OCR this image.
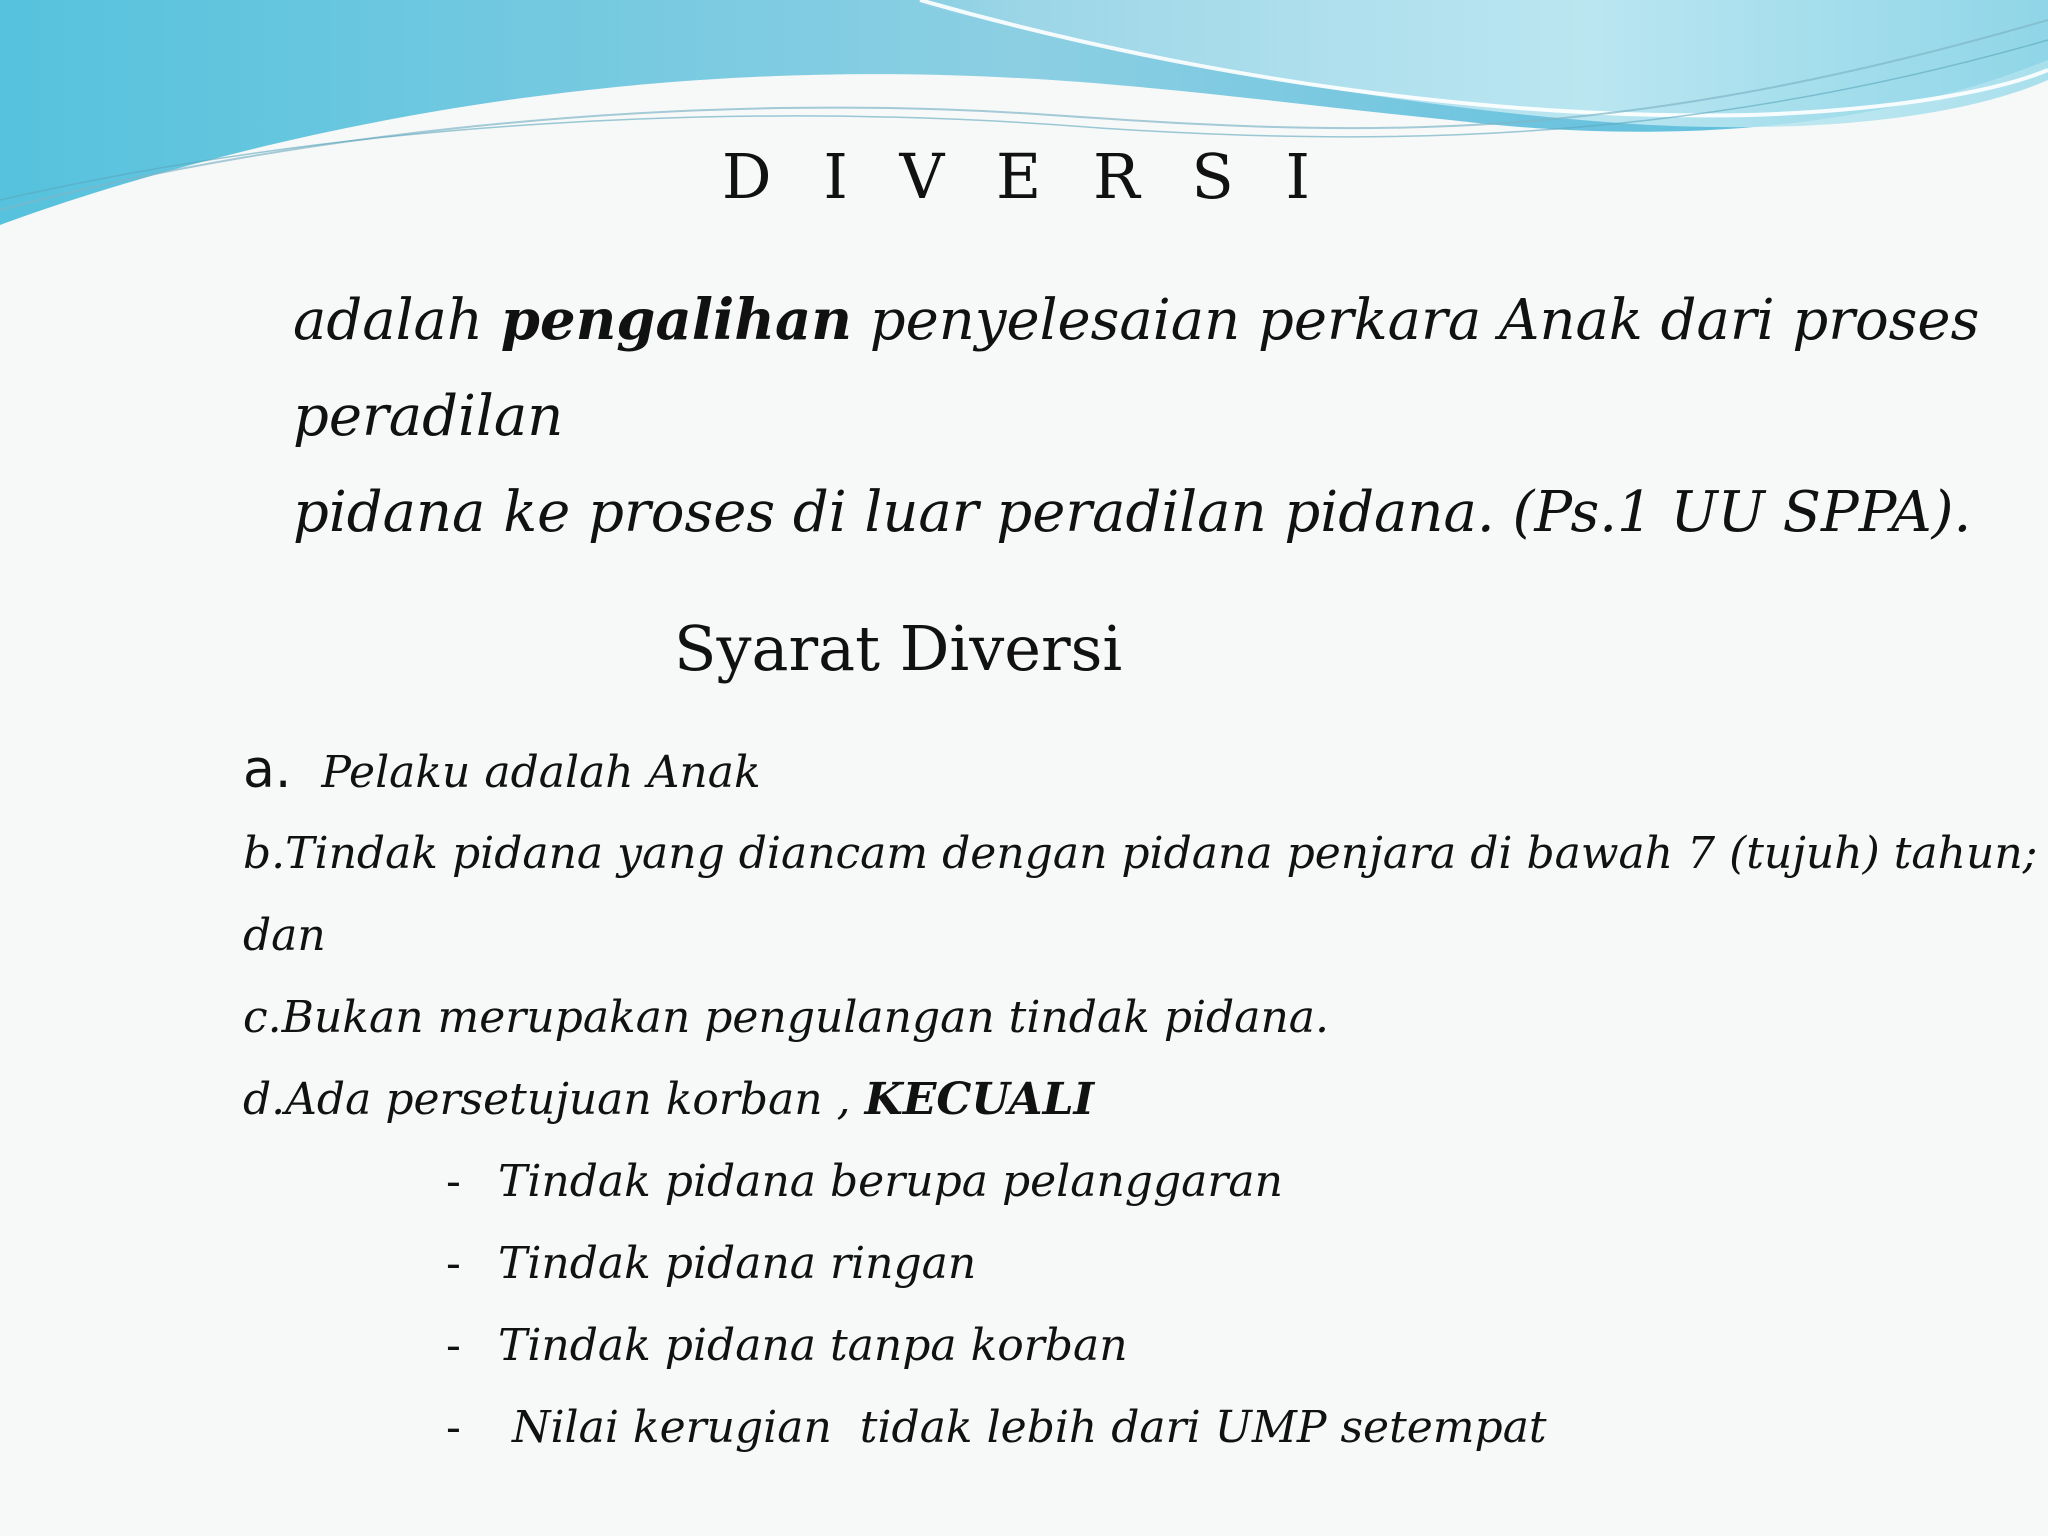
D I V E R S I
adalah pengalihan penyelesaian perkara Anak dari proses peradilan
pidana ke proses di luar peradilan pidana. (Ps.1 UU SPPA).
Syarat Diversi
a. Pelaku adalah Anak
b.Tindak pidana yang diancam dengan pidana penjara di bawah 7 (tujuh) tahun;
dan
c.Bukan merupakan pengulangan tindak pidana.
d.Ada persetujuan korban , KECUALI
- Tindak pidana berupa pelanggaran
- Tindak pidana ringan
- Tindak pidana tanpa korban
- Nilai kerugian  tidak lebih dari UMP setempat
